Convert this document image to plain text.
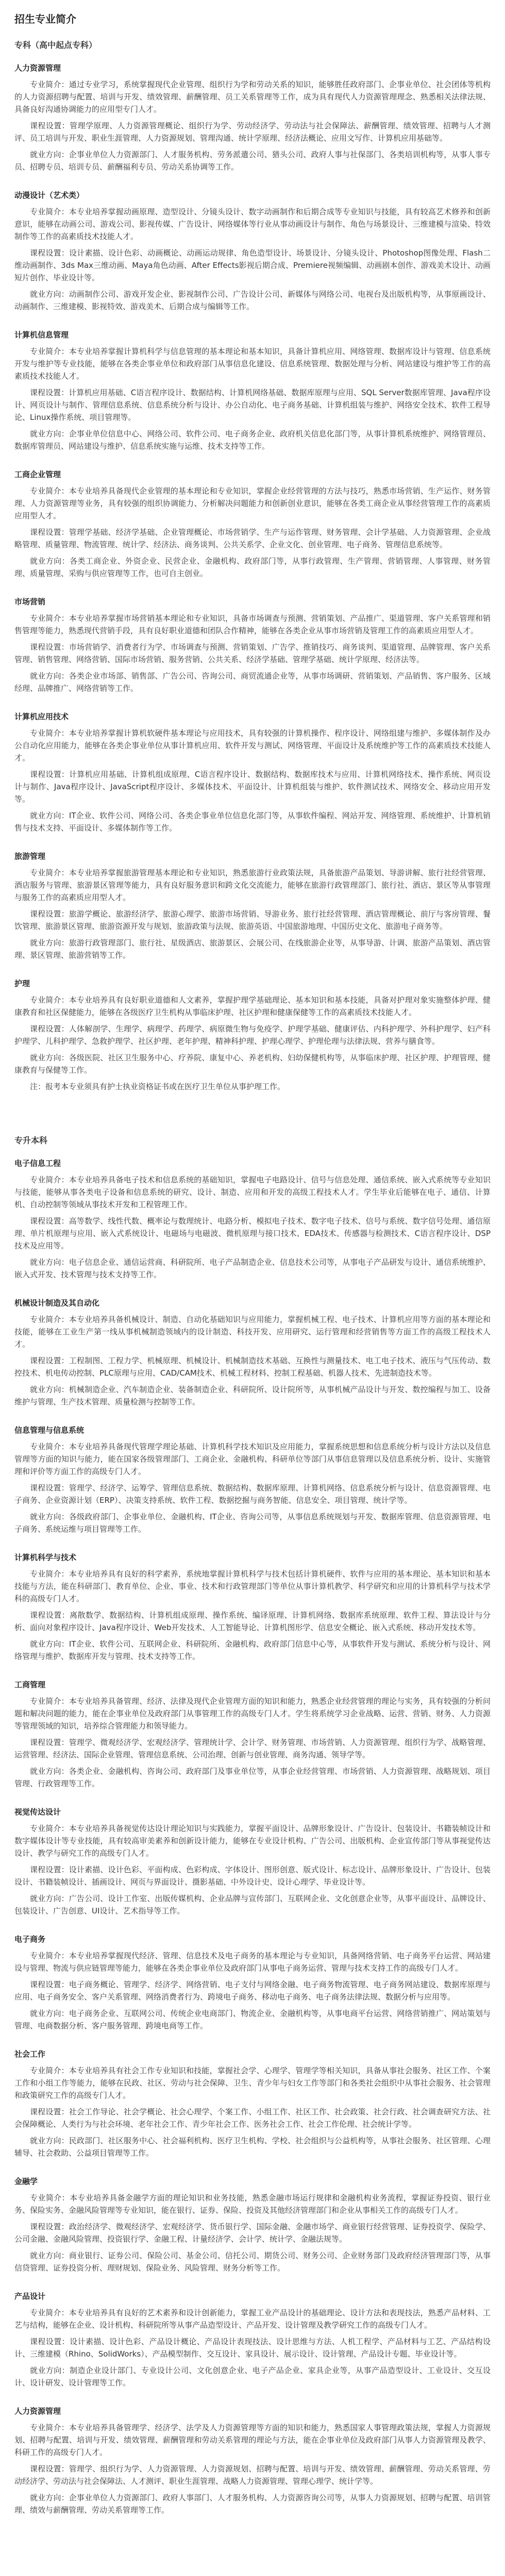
招生专业简介
专科（高中起点专科）
人力资源管理

专业简介：通过专业学习，系统掌握现代企业管理、组织行为学和劳动关系的知识，能够胜任政府部门、企事业单位、社会团体等机构的人力资源招聘与配置、培训与开发、绩效管理、薪酬管理、员工关系管理等工作，成为具有现代人力资源管理理念、熟悉相关法律法规、具备良好沟通协调能力的应用型专门人才。

课程设置：管理学原理、人力资源管理概论、组织行为学、劳动经济学、劳动法与社会保障法、薪酬管理、绩效管理、招聘与人才测评、员工培训与开发、职业生涯管理、人力资源规划、管理沟通、统计学原理、经济法概论、应用文写作、计算机应用基础等。

就业方向：企事业单位人力资源部门、人才服务机构、劳务派遣公司、猎头公司、政府人事与社保部门、各类培训机构等，从事人事专员、招聘专员、培训专员、薪酬福利专员、劳动关系协调等工作。

动漫设计（艺术类）

专业简介：本专业培养掌握动画原理、造型设计、分镜头设计、数字动画制作和后期合成等专业知识与技能，具有较高艺术修养和创新意识，能够在动画公司、游戏公司、影视传媒、广告设计、网络媒体等行业从事动画设计与制作、角色与场景设计、三维建模与渲染、特效制作等工作的高素质技术技能人才。

课程设置：设计素描、设计色彩、动画概论、动画运动规律、角色造型设计、场景设计、分镜头设计、Photoshop图像处理、Flash二维动画制作、3ds Max三维动画、Maya角色动画、After Effects影视后期合成、Premiere视频编辑、动画剧本创作、游戏美术设计、动画短片创作、毕业设计等。

就业方向：动画制作公司、游戏开发企业、影视制作公司、广告设计公司、新媒体与网络公司、电视台及出版机构等，从事原画设计、动画制作、三维建模、影视特效、游戏美术、后期合成与编辑等工作。

计算机信息管理

专业简介：本专业培养掌握计算机科学与信息管理的基本理论和基本知识，具备计算机应用、网络管理、数据库设计与管理、信息系统开发与维护等专业技能，能够在各类企事业单位和政府部门从事信息化建设、信息系统管理、数据处理与分析、网站建设与维护等工作的高素质技术技能人才。

课程设置：计算机应用基础、C语言程序设计、数据结构、计算机网络基础、数据库原理与应用、SQL Server数据库管理、Java程序设计、网页设计与制作、管理信息系统、信息系统分析与设计、办公自动化、电子商务基础、计算机组装与维护、网络安全技术、软件工程导论、Linux操作系统、项目管理等。

就业方向：企事业单位信息中心、网络公司、软件公司、电子商务企业、政府机关信息化部门等，从事计算机系统维护、网络管理员、数据库管理员、网站建设与维护、信息系统实施与运维、技术支持等工作。

工商企业管理

专业简介：本专业培养具备现代企业管理的基本理论和专业知识，掌握企业经营管理的方法与技巧，熟悉市场营销、生产运作、财务管理、人力资源管理等业务，具有较强的组织协调能力、分析解决问题能力和创新创业意识，能够在各类工商企业从事经营管理工作的高素质应用型人才。

课程设置：管理学基础、经济学基础、企业管理概论、市场营销学、生产与运作管理、财务管理、会计学基础、人力资源管理、企业战略管理、质量管理、物流管理、统计学、经济法、商务谈判、公共关系学、企业文化、创业管理、电子商务、管理信息系统等。

就业方向：各类工商企业、外资企业、民营企业、金融机构、政府部门等，从事行政管理、生产管理、营销管理、人事管理、财务管理、质量管理、采购与供应管理等工作，也可自主创业。

市场营销

专业简介：本专业培养掌握市场营销基本理论和专业知识，具备市场调查与预测、营销策划、产品推广、渠道管理、客户关系管理和销售管理等能力，熟悉现代营销手段，具有良好职业道德和团队合作精神，能够在各类企业从事市场营销及管理工作的高素质应用型人才。

课程设置：市场营销学、消费者行为学、市场调查与预测、营销策划、广告学、推销技巧、商务谈判、渠道管理、品牌管理、客户关系管理、销售管理、网络营销、国际市场营销、服务营销、公共关系、经济学基础、管理学基础、统计学原理、经济法等。

就业方向：各类企业市场部、销售部、广告公司、咨询公司、商贸流通企业等，从事市场调研、营销策划、产品销售、客户服务、区域经理、品牌推广、网络营销等工作。

计算机应用技术

专业简介：本专业培养掌握计算机软硬件基本理论与应用技术，具有较强的计算机操作、程序设计、网络组建与维护、多媒体制作及办公自动化应用能力，能够在各类企事业单位从事计算机应用、软件开发与测试、网络管理、平面设计及系统维护等工作的高素质技术技能人才。

课程设置：计算机应用基础、计算机组成原理、C语言程序设计、数据结构、数据库技术与应用、计算机网络技术、操作系统、网页设计与制作、Java程序设计、JavaScript程序设计、多媒体技术、平面设计、计算机组装与维护、软件测试技术、网络安全、移动应用开发等。

就业方向：IT企业、软件公司、网络公司、各类企事业单位信息化部门等，从事软件编程、网站开发、网络管理、系统维护、计算机销售与技术支持、平面设计、多媒体制作等工作。

旅游管理

专业简介：本专业培养掌握旅游管理基本理论和专业知识，熟悉旅游行业政策法规，具备旅游产品策划、导游讲解、旅行社经营管理、酒店服务与管理、旅游景区管理等能力，具有良好服务意识和跨文化交流能力，能够在旅游行政管理部门、旅行社、酒店、景区等从事管理与服务工作的高素质应用型人才。

课程设置：旅游学概论、旅游经济学、旅游心理学、旅游市场营销、导游业务、旅行社经营管理、酒店管理概论、前厅与客房管理、餐饮管理、旅游景区管理、旅游资源开发与规划、旅游政策与法规、旅游英语、中国旅游地理、中国历史文化、旅游电子商务等。

就业方向：旅游行政管理部门、旅行社、星级酒店、旅游景区、会展公司、在线旅游企业等，从事导游、计调、旅游产品策划、酒店管理、景区管理、旅游营销等工作。

护理

专业简介：本专业培养具有良好职业道德和人文素养，掌握护理学基础理论、基本知识和基本技能，具备对护理对象实施整体护理、健康教育和社区保健能力，能够在各级医疗卫生机构从事临床护理、社区护理和健康保健等工作的高素质技术技能人才。

课程设置：人体解剖学、生理学、病理学、药理学、病原微生物与免疫学、护理学基础、健康评估、内科护理学、外科护理学、妇产科护理学、儿科护理学、急救护理学、社区护理、老年护理、精神科护理、护理心理学、护理伦理与法律法规、营养与膳食等。

就业方向：各级医院、社区卫生服务中心、疗养院、康复中心、养老机构、妇幼保健机构等，从事临床护理、社区护理、护理管理、健康教育与保健等工作。

注：报考本专业须具有护士执业资格证书或在医疗卫生单位从事护理工作。

专升本科
电子信息工程

专业简介：本专业培养具备电子技术和信息系统的基础知识，掌握电子电路设计、信号与信息处理、通信系统、嵌入式系统等专业知识与技能，能够从事各类电子设备和信息系统的研究、设计、制造、应用和开发的高级工程技术人才。学生毕业后能够在电子、通信、计算机、自动控制等领域从事技术开发和工程管理工作。

课程设置：高等数学、线性代数、概率论与数理统计、电路分析、模拟电子技术、数字电子技术、信号与系统、数字信号处理、通信原理、单片机原理与应用、嵌入式系统设计、电磁场与电磁波、微机原理与接口技术、EDA技术、传感器与检测技术、C语言程序设计、DSP技术及应用等。

就业方向：电子信息企业、通信运营商、科研院所、电子产品制造企业、信息技术公司等，从事电子产品研发与设计、通信系统维护、嵌入式开发、技术管理与技术支持等工作。

机械设计制造及其自动化

专业简介：本专业培养具备机械设计、制造、自动化基础知识与应用能力，掌握机械工程、电子技术、计算机应用等方面的基本理论和技能，能够在工业生产第一线从事机械制造领域内的设计制造、科技开发、应用研究、运行管理和经营销售等方面工作的高级工程技术人才。

课程设置：工程制图、工程力学、机械原理、机械设计、机械制造技术基础、互换性与测量技术、电工电子技术、液压与气压传动、数控技术、机电传动控制、PLC原理与应用、CAD/CAM技术、机械工程材料、控制工程基础、机器人技术、先进制造技术等。

就业方向：机械制造企业、汽车制造企业、装备制造企业、科研院所、设计院所等，从事机械产品设计与开发、数控编程与加工、设备维护与管理、生产技术管理、质量检测与控制等工作。

信息管理与信息系统

专业简介：本专业培养具备现代管理学理论基础、计算机科学技术知识及应用能力，掌握系统思想和信息系统分析与设计方法以及信息管理等方面的知识与能力，能在国家各级管理部门、工商企业、金融机构、科研单位等部门从事信息管理以及信息系统分析、设计、实施管理和评价等方面工作的高级专门人才。

课程设置：管理学、经济学、运筹学、管理信息系统、数据结构、数据库原理、计算机网络、信息系统分析与设计、信息资源管理、电子商务、企业资源计划（ERP）、决策支持系统、软件工程、数据挖掘与商务智能、信息安全、项目管理、统计学等。

就业方向：各级政府部门、企事业单位、金融机构、IT企业、咨询公司等，从事信息系统规划与开发、数据库管理、信息资源管理、电子商务、系统运维与项目管理等工作。

计算机科学与技术

专业简介：本专业培养具有良好的科学素养，系统地掌握计算机科学与技术包括计算机硬件、软件与应用的基本理论、基本知识和基本技能与方法，能在科研部门、教育单位、企业、事业、技术和行政管理部门等单位从事计算机教学、科学研究和应用的计算机科学与技术学科的高级专门人才。

课程设置：离散数学、数据结构、计算机组成原理、操作系统、编译原理、计算机网络、数据库系统原理、软件工程、算法设计与分析、面向对象程序设计、Java程序设计、Web开发技术、人工智能导论、计算机图形学、信息安全概论、嵌入式系统、移动开发技术等。

就业方向：IT企业、软件公司、互联网企业、科研院所、金融机构、政府部门信息中心等，从事软件开发与测试、系统分析与设计、网络管理与维护、数据库开发与管理、技术支持等工作。

工商管理

专业简介：本专业培养具备管理、经济、法律及现代企业管理方面的知识和能力，熟悉企业经营管理的理论与实务，具有较强的分析问题和解决问题的能力，能在企事业单位及政府部门从事管理工作的高级专门人才。学生将系统学习企业战略、运营、营销、财务、人力资源等管理领域的知识，培养综合管理能力和领导能力。

课程设置：管理学、微观经济学、宏观经济学、管理统计学、会计学、财务管理、市场营销、人力资源管理、组织行为学、战略管理、运营管理、经济法、国际企业管理、管理信息系统、公司治理、创新与创业管理、商务沟通、领导学等。

就业方向：各类企业、金融机构、咨询公司、政府部门及事业单位等，从事企业经营管理、市场营销、人力资源管理、战略规划、项目管理、行政管理等工作。

视觉传达设计

专业简介：本专业培养具备视觉传达设计理论知识与实践能力，掌握平面设计、品牌形象设计、广告设计、包装设计、书籍装帧设计和数字媒体设计等专业技能，具有较高审美素养和创新设计能力，能够在专业设计机构、广告公司、出版机构、企业宣传部门等从事视觉传达设计、教学与研究工作的高级专门人才。

课程设置：设计素描、设计色彩、平面构成、色彩构成、字体设计、图形创意、版式设计、标志设计、品牌形象设计、广告设计、包装设计、书籍装帧设计、插画设计、网页与界面设计、摄影基础、中外设计史、设计心理学、毕业设计等。

就业方向：广告公司、设计工作室、出版传媒机构、企业品牌与宣传部门、互联网企业、文化创意企业等，从事平面设计、品牌设计、包装设计、广告创意、UI设计、艺术指导等工作。

电子商务

专业简介：本专业培养掌握现代经济、管理、信息技术及电子商务的基本理论与专业知识，具备网络营销、电子商务平台运营、网站建设与管理、物流与供应链管理等能力，能够在各类企事业单位及政府部门从事电子商务运营、管理与技术支持工作的高级专门人才。

课程设置：电子商务概论、管理学、经济学、网络营销、电子支付与网络金融、电子商务物流管理、电子商务网站建设、数据库原理与应用、电子商务安全、客户关系管理、网络消费者行为、跨境电子商务、移动电子商务、电子商务法律法规、数据分析与应用等。

就业方向：电子商务企业、互联网公司、传统企业电商部门、物流企业、金融机构等，从事电商平台运营、网络营销推广、网站策划与管理、电商数据分析、客户服务管理、跨境电商等工作。

社会工作

专业简介：本专业培养具有社会工作专业知识和技能，掌握社会学、心理学、管理学等相关知识，具备从事社会服务、社区工作、个案工作和小组工作等能力，能够在民政、社区、劳动与社会保障、卫生、青少年与妇女工作等部门和各类社会组织中从事社会服务、社会管理和政策研究工作的高级专门人才。

课程设置：社会工作导论、社会学概论、社会心理学、个案工作、小组工作、社区工作、社会政策、社会行政、社会调查研究方法、社会保障概论、人类行为与社会环境、老年社会工作、青少年社会工作、医务社会工作、社会工作伦理、社会统计学等。

就业方向：民政部门、社区服务中心、社会福利机构、医疗卫生机构、学校、社会组织与公益机构等，从事社会服务、社区管理、心理辅导、社会救助、公益项目管理等工作。

金融学

专业简介：本专业培养具备金融学方面的理论知识和业务技能，熟悉金融市场运行规律和金融机构业务流程，掌握证券投资、银行业务、保险实务、金融风险管理等专业知识，能在银行、证券、保险、投资及其他经济管理部门和企业从事相关工作的高级专门人才。

课程设置：政治经济学、微观经济学、宏观经济学、货币银行学、国际金融、金融市场学、商业银行经营管理、证券投资学、保险学、公司金融、金融风险管理、投资银行学、金融工程、计量经济学、会计学、统计学、金融法规等。

就业方向：商业银行、证券公司、保险公司、基金公司、信托公司、期货公司、财务公司、企业财务部门及政府经济管理部门等，从事信贷管理、证券投资分析、理财规划、保险业务、风险管理、财务分析等工作。

产品设计

专业简介：本专业培养具有良好的艺术素养和设计创新能力，掌握工业产品设计的基础理论、设计方法和表现技法，熟悉产品材料、工艺与结构，能够在企业、设计机构、科研院所等从事产品造型设计、产品开发、设计管理及教学研究工作的高级专门人才。

课程设置：设计素描、设计色彩、产品设计概论、产品设计表现技法、设计思维与方法、人机工程学、产品材料与工艺、产品结构设计、三维建模（Rhino、SolidWorks）、产品模型制作、交互设计、家具设计、展示设计、设计管理、产品设计专题、毕业设计等。

就业方向：制造企业设计部门、专业设计公司、文化创意企业、电子产品企业、家具企业等，从事产品造型设计、工业设计、交互设计、设计研发、设计管理等工作。

人力资源管理

专业简介：本专业培养具备管理学、经济学、法学及人力资源管理等方面的知识和能力，熟悉国家人事管理政策法规，掌握人力资源规划、招聘与配置、培训与开发、绩效管理、薪酬管理和劳动关系管理的理论与方法，能在企事业单位及政府部门从事人力资源管理及教学、科研工作的高级专门人才。

课程设置：管理学、组织行为学、人力资源管理、人力资源规划、招聘与配置、培训与开发、绩效管理、薪酬管理、劳动关系管理、劳动经济学、劳动法与社会保障法、人才测评、职业生涯管理、战略人力资源管理、管理心理学、统计学等。

就业方向：企事业单位人力资源部门、政府人事部门、人才服务机构、人力资源咨询公司等，从事人力资源规划、招聘与配置、培训管理、绩效与薪酬管理、劳动关系管理等工作。
